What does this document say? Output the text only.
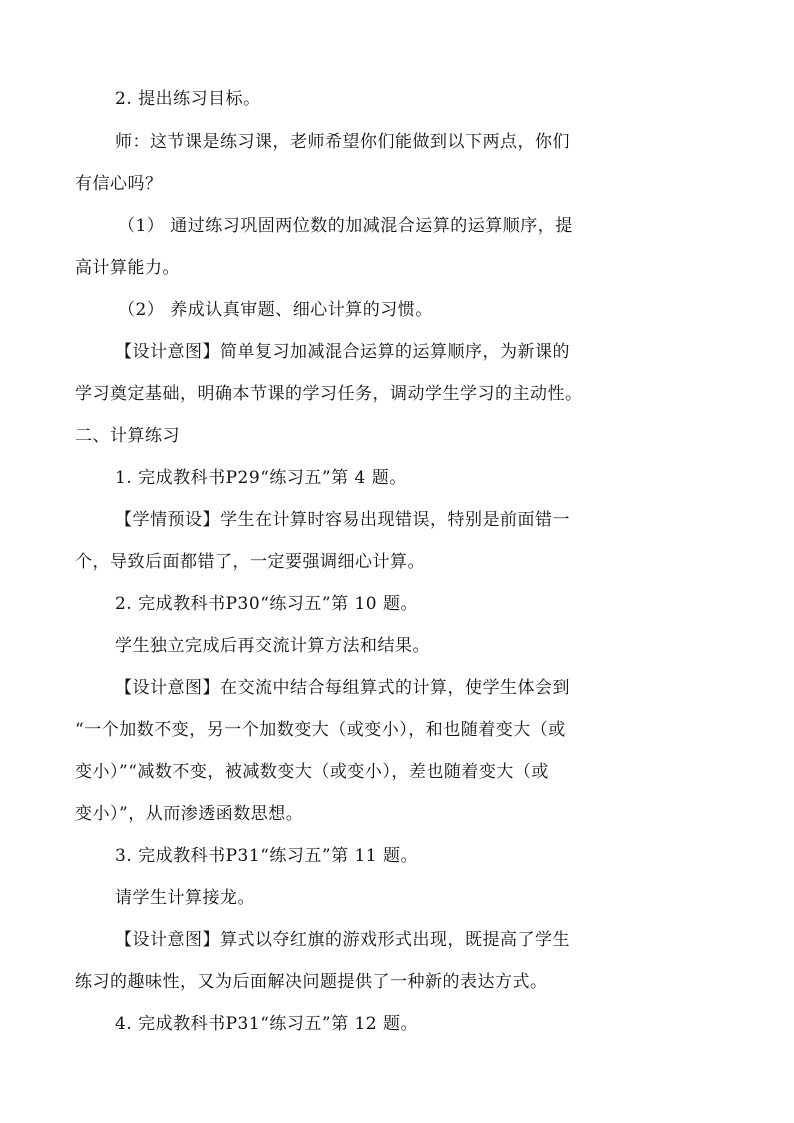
2. 提出练习目标。
师：这节课是练习课，老师希望你们能做到以下两点，你们
有信心吗？
（1） 通过练习巩固两位数的加减混合运算的运算顺序，提
高计算能力。
（2） 养成认真审题、细心计算的习惯。
【设计意图】简单复习加减混合运算的运算顺序，为新课的
学习奠定基础，明确本节课的学习任务，调动学生学习的主动性。
二、计算练习
1. 完成教科书P29“练习五”第 4 题。
【学情预设】学生在计算时容易出现错误，特别是前面错一
个，导致后面都错了，一定要强调细心计算。
2. 完成教科书P30“练习五”第 10 题。
学生独立完成后再交流计算方法和结果。
【设计意图】在交流中结合每组算式的计算，使学生体会到
“一个加数不变，另一个加数变大（或变小），和也随着变大（或
变小）”“减数不变，被减数变大（或变小），差也随着变大（或
变小）”，从而渗透函数思想。
3. 完成教科书P31“练习五”第 11 题。
请学生计算接龙。
【设计意图】算式以夺红旗的游戏形式出现，既提高了学生
练习的趣味性，又为后面解决问题提供了一种新的表达方式。
4. 完成教科书P31“练习五”第 12 题。
